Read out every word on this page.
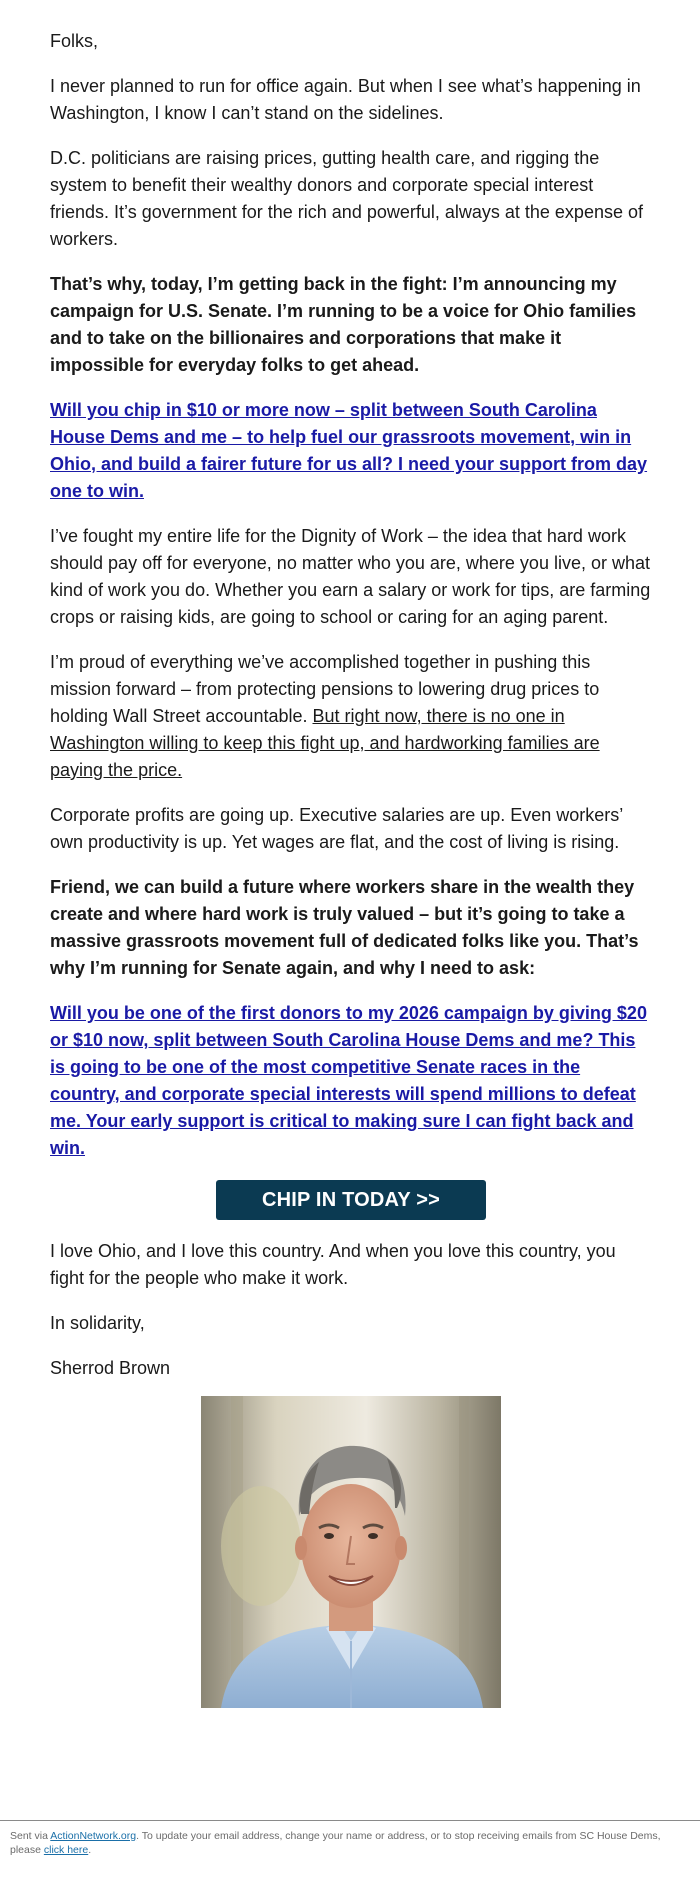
Folks,

I never planned to run for office again. But when I see what’s happening in Washington, I know I can’t stand on the sidelines.

D.C. politicians are raising prices, gutting health care, and rigging the system to benefit their wealthy donors and corporate special interest friends. It’s government for the rich and powerful, always at the expense of workers.

That’s why, today, I’m getting back in the fight: I’m announcing my campaign for U.S. Senate. I’m running to be a voice for Ohio families and to take on the billionaires and corporations that make it impossible for everyday folks to get ahead.

Will you chip in $10 or more now – split between South Carolina House Dems and me – to help fuel our grassroots movement, win in Ohio, and build a fairer future for us all? I need your support from day one to win.

I’ve fought my entire life for the Dignity of Work – the idea that hard work should pay off for everyone, no matter who you are, where you live, or what kind of work you do. Whether you earn a salary or work for tips, are farming crops or raising kids, are going to school or caring for an aging parent.

I’m proud of everything we’ve accomplished together in pushing this mission forward – from protecting pensions to lowering drug prices to holding Wall Street accountable. But right now, there is no one in Washington willing to keep this fight up, and hardworking families are paying the price.

Corporate profits are going up. Executive salaries are up. Even workers’ own productivity is up. Yet wages are flat, and the cost of living is rising.

Friend, we can build a future where workers share in the wealth they create and where hard work is truly valued – but it’s going to take a massive grassroots movement full of dedicated folks like you. That’s why I’m running for Senate again, and why I need to ask:

Will you be one of the first donors to my 2026 campaign by giving $20 or $10 now, split between South Carolina House Dems and me? This is going to be one of the most competitive Senate races in the country, and corporate special interests will spend millions to defeat me. Your early support is critical to making sure I can fight back and win.

CHIP IN TODAY >>

I love Ohio, and I love this country. And when you love this country, you fight for the people who make it work.

In solidarity,

Sherrod Brown

Sent via ActionNetwork.org. To update your email address, change your name or address, or to stop receiving emails from SC House Dems, please click here.
